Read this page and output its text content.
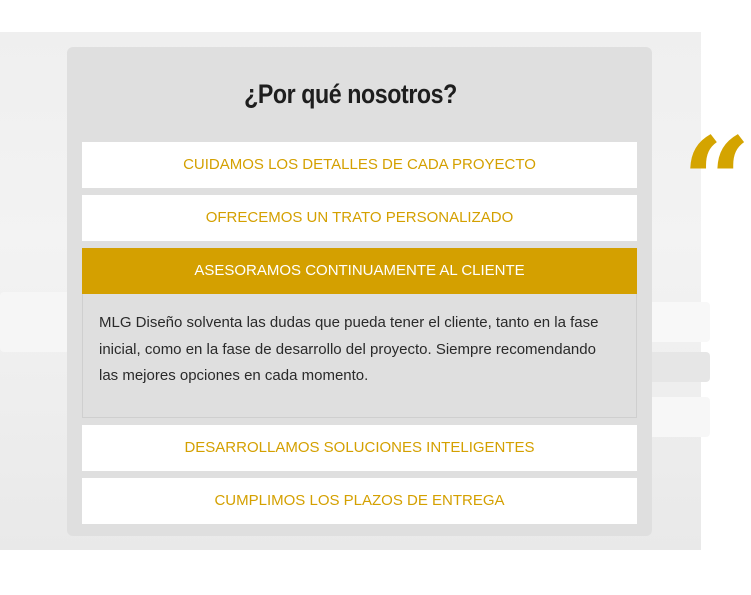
“
¿Por qué nosotros?
CUIDAMOS LOS DETALLES DE CADA PROYECTO
OFRECEMOS UN TRATO PERSONALIZADO
ASESORAMOS CONTINUAMENTE AL CLIENTE

MLG Diseño solventa las dudas que pueda tener el cliente, tanto en la fase inicial, como en la fase de desarrollo del proyecto. Siempre recomendando las mejores opciones en cada momento.

DESARROLLAMOS SOLUCIONES INTELIGENTES
CUMPLIMOS LOS PLAZOS DE ENTREGA
